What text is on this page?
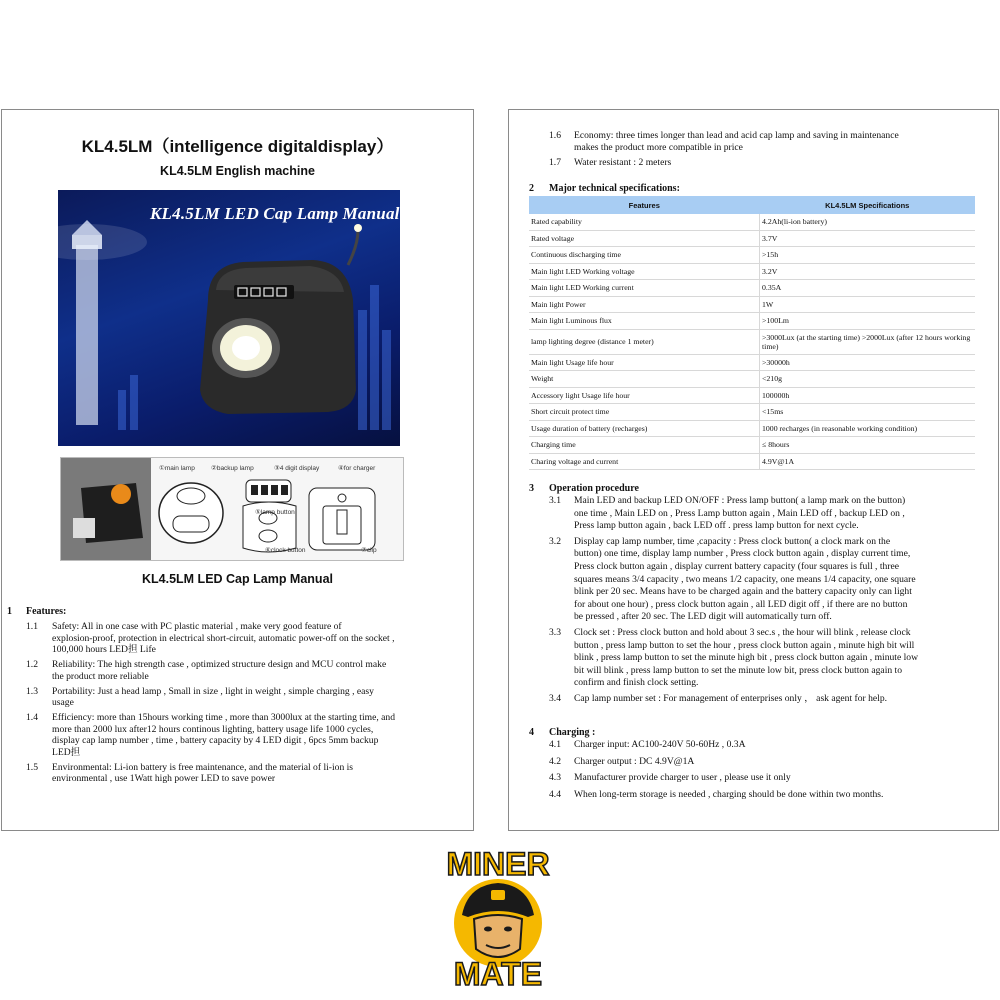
KL4.5LM（intelligence digitaldisplay）
KL4.5LM English machine
KL4.5LM LED Cap Lamp Manual
①main lamp ②backup lamp	③4 digit display	④for charger
⑤lamp button
⑥clock button	⑦clip
KL4.5LM LED Cap Lamp Manual
1 Features:
1.1 Safety: All in one case with PC plastic material , make very good feature of
explosion-proof, protection in electrical short-circuit, automatic power-off on the socket ,
100,000 hours LED担 Life
1.2 Reliability: The high strength case , optimized structure design and MCU control make
the product more reliable
1.3 Portability: Just a head lamp , Small in size , light in weight , simple charging , easy
usage
1.4 Efficiency: more than 15hours working time , more than 3000lux at the starting time, and
more than 2000 lux after12 hours continous lighting, battery usage life 1000 cycles,
display cap lamp number , time , battery capacity by 4 LED digit , 6pcs 5mm backup
LED担
1.5 Environmental: Li-ion battery is free maintenance, and the material of li-ion is
environmental , use 1Watt high power LED to save power
2 Major technical specifications:
Features	KL4.5LM Specifications
Rated capability	4.2Ah(li-ion battery)
Rated voltage	3.7V
Continuous discharging time	>15h
Main light LED Working voltage	3.2V
Main light LED Working current	0.35A
Main light Power	1W
Main light Luminous flux	>100Lm
lamp lighting degree (distance 1 meter)	>3000Lux (at the starting time) >2000Lux (after 12 hours working time)
Main light Usage life hour	>30000h
Weight	<210g
Accessory light Usage life hour	100000h
Short circuit protect time	<15ms
Usage duration of battery (recharges)	1000 recharges (in reasonable working condition)
Charging time	≤ 8hours
Charing voltage and current	4.9V@1A
3 Operation procedure
4 Charging :
1.6 Economy: three times longer than lead and acid cap lamp and saving in maintenance
makes the product more compatible in price
1.7 Water resistant : 2 meters
3.1 Main LED and backup LED ON/OFF : Press lamp button( a lamp mark on the button)
one time , Main LED on , Press Lamp button again , Main LED off , backup LED on ,
Press lamp button again , back LED off . press lamp button for next cycle.
3.2 Display cap lamp number, time ,capacity : Press clock button( a clock mark on the
button) one time, display lamp number , Press clock button again , display current time,
Press clock button again , display current battery capacity (four squares is full , three
squares means 3/4 capacity , two means 1/2 capacity, one means 1/4 capacity, one square
blink per 20 sec. Means have to be charged again and the battery capacity only can light
for about one hour) , press clock button again , all LED digit off , if there are no button
be pressed , after 20 sec. The LED digit will automatically turn off.
3.3 Clock set : Press clock button and hold about 3 sec.s , the hour will blink , release clock
button , press lamp button to set the hour , press clock button again , minute high bit will
blink , press lamp button to set the minute high bit , press clock button again , minute low
bit will blink , press lamp button to set the minute low bit, press clock button again to
confirm and finish clock setting.
3.4 Cap lamp number set : For management of enterprises only ， ask agent for help.
4.1 Charger input: AC100-240V 50-60Hz , 0.3A
4.2 Charger output : DC 4.9V@1A
4.3 Manufacturer provide charger to user , please use it only
4.4 When long-term storage is needed , charging should be done within two months.
MINER
MATE
